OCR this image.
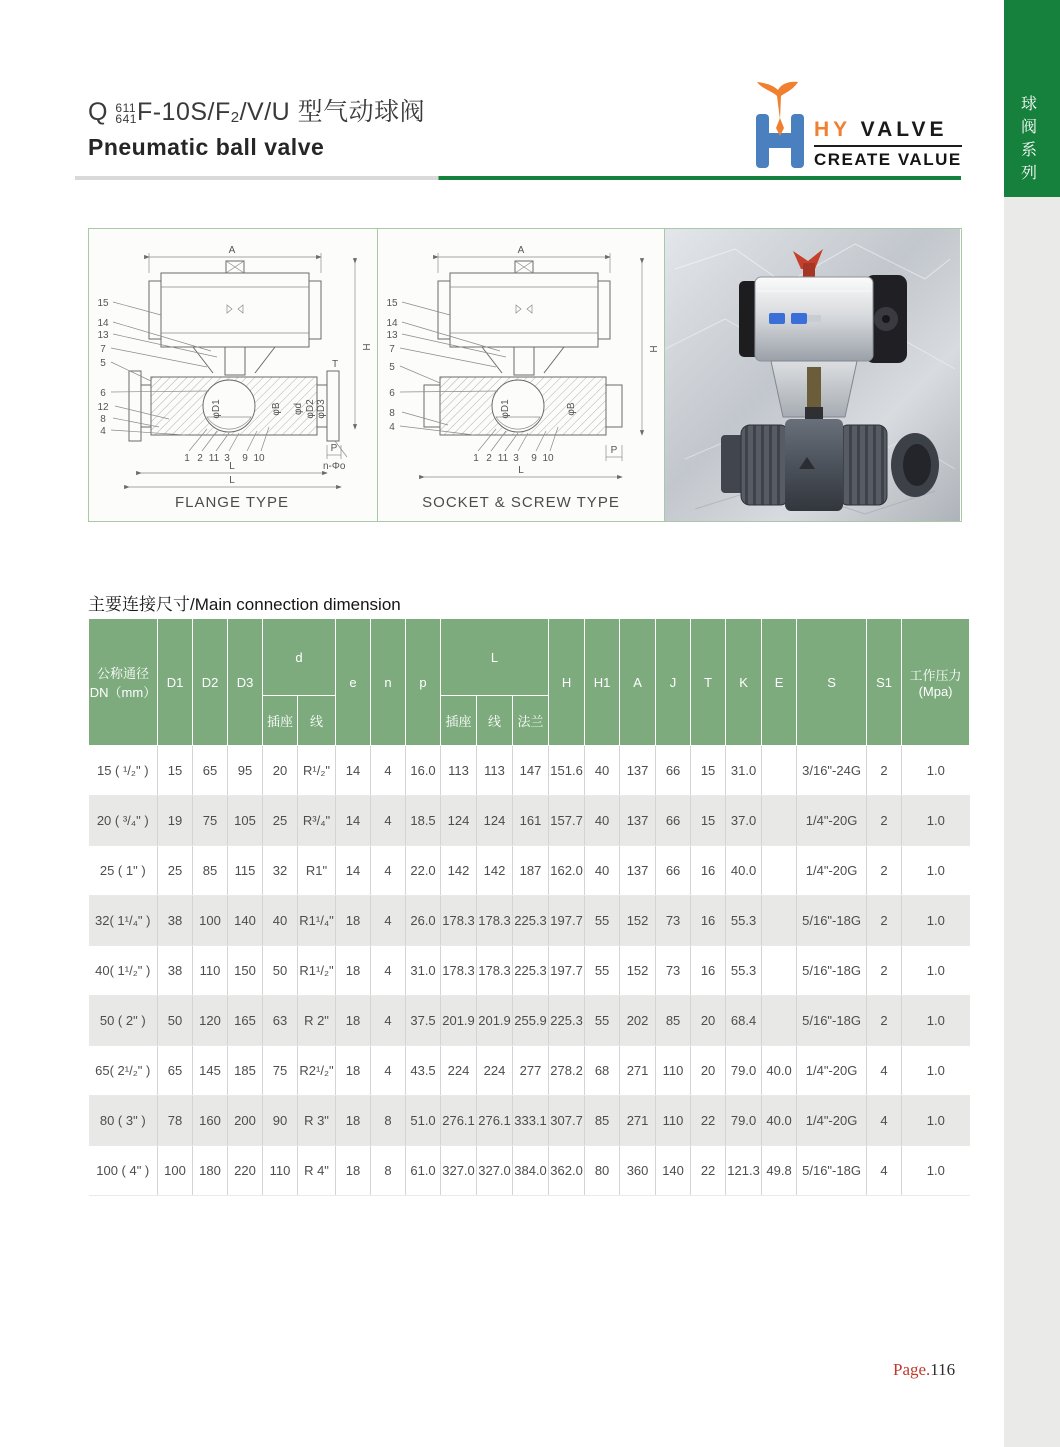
球阀系列
Q 611
641F-10S/F2/V/U 型气动球阀
Pneumatic ball valve
HY VALVE
CREATE VALUE
A
H
φD1	φB φd φD2 φD3
T
P
L
L
n-Φo
15
14
13
7
5
6
12
8
4
1 2 11 3 9 10
FLANGE TYPE
A
H
φD1	φB
P
L
15
14
13
7
5
6
8
4
1 2 11 3 9 10
SOCKET & SCREW TYPE
主要连接尺寸/Main connection dimension
公称通径
DN（mm）	D1	D2	D3	d		e	n	p	L			H	H1	A	J	T	K	E	S	S1	工作压力
(Mpa)
				插座	线				插座	线	法兰										
15 ( ¹/₂" )	15	65	95	20	R¹/₂"	14	4	16.0	113	113	147	151.6	40	137	66	15	31.0		3/16"-24G	2	1.0
20 ( ³/₄" )	19	75	105	25	R³/₄"	14	4	18.5	124	124	161	157.7	40	137	66	15	37.0		1/4"-20G	2	1.0
25 ( 1" )	25	85	115	32	R1"	14	4	22.0	142	142	187	162.0	40	137	66	16	40.0		1/4"-20G	2	1.0
32( 1¹/₄" )	38	100	140	40	R1¹/₄"	18	4	26.0	178.3	178.3	225.3	197.7	55	152	73	16	55.3		5/16"-18G	2	1.0
40( 1¹/₂" )	38	110	150	50	R1¹/₂"	18	4	31.0	178.3	178.3	225.3	197.7	55	152	73	16	55.3		5/16"-18G	2	1.0
50 ( 2" )	50	120	165	63	R 2"	18	4	37.5	201.9	201.9	255.9	225.3	55	202	85	20	68.4		5/16"-18G	2	1.0
65( 2¹/₂" )	65	145	185	75	R2¹/₂"	18	4	43.5	224	224	277	278.2	68	271	110	20	79.0	40.0	1/4"-20G	4	1.0
80 ( 3" )	78	160	200	90	R 3"	18	8	51.0	276.1	276.1	333.1	307.7	85	271	110	22	79.0	40.0	1/4"-20G	4	1.0
100 ( 4" )	100	180	220	110	R 4"	18	8	61.0	327.0	327.0	384.0	362.0	80	360	140	22	121.3	49.8	5/16"-18G	4	1.0
Page.116
